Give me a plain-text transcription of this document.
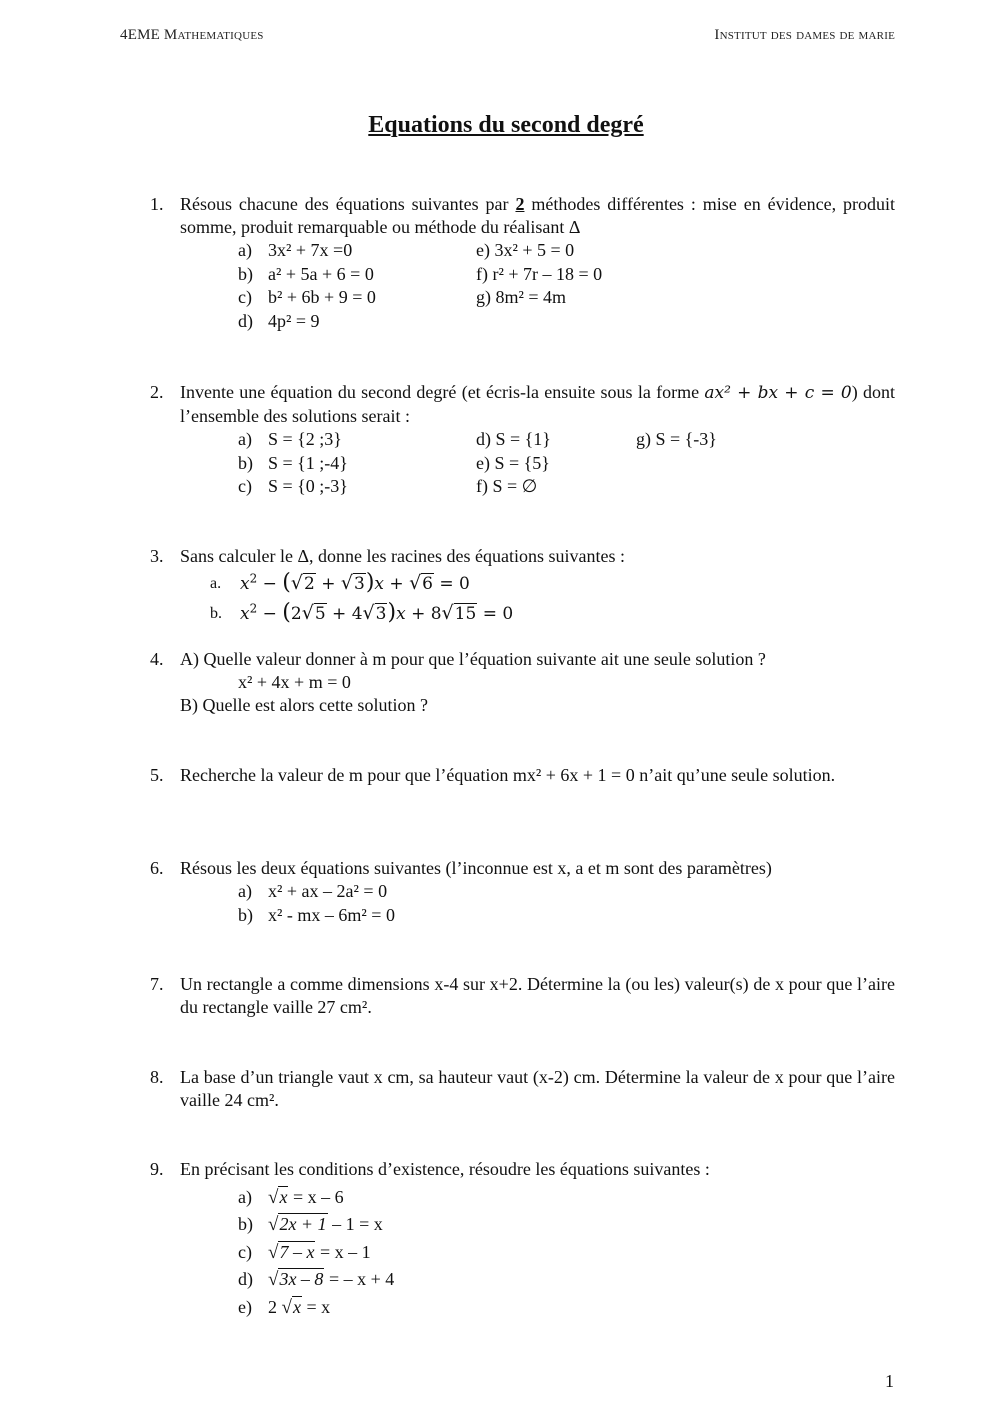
4EME Mathematiques	Institut des dames de marie
Equations du second degré
1. Résous chacune des équations suivantes par 2 méthodes différentes : mise en évidence, produit somme, produit remarquable ou méthode du réalisant Δ
a) 3x² + 7x =0	e) 3x² + 5 = 0
b) a² + 5a + 6 = 0	f) r² + 7r – 18 = 0
c) b² + 6b + 9 = 0	g) 8m² = 4m
d) 4p² = 9
2. Invente une équation du second degré (et écris-la ensuite sous la forme ax² + bx + c = 0) dont l’ensemble des solutions serait :
a) S = {2 ;3}	d) S = {1}	g) S = {-3}
b) S = {1 ;-4}	e) S = {5}
c) S = {0 ;-3}	f) S = ∅
3. Sans calculer le Δ, donne les racines des équations suivantes :
a.	$x^2 - (√2 + √3)x + √6 = 0$
b.	$x^2 - (2√5 + 4√3)x + 8√15 = 0$
4. A) Quelle valeur donner à m pour que l’équation suivante ait une seule solution ?
x² + 4x + m = 0
B) Quelle est alors cette solution ?
5. Recherche la valeur de m pour que l’équation mx² + 6x + 1 = 0 n’ait qu’une seule solution.
6. Résous les deux équations suivantes (l’inconnue est x, a et m sont des paramètres)
a) x² + ax – 2a² = 0
b) x² - mx – 6m² = 0
7. Un rectangle a comme dimensions x-4 sur x+2. Détermine la (ou les) valeur(s) de x pour que l’aire du rectangle vaille 27 cm².
8. La base d’un triangle vaut x cm, sa hauteur vaut (x-2) cm. Détermine la valeur de x pour que l’aire vaille 24 cm².
9. En précisant les conditions d’existence, résoudre les équations suivantes :
a) √x = x – 6
b) √2x + 1 – 1 = x
c) √7 – x = x – 1
d) √3x – 8 = – x + 4
e) 2 √x = x
1
